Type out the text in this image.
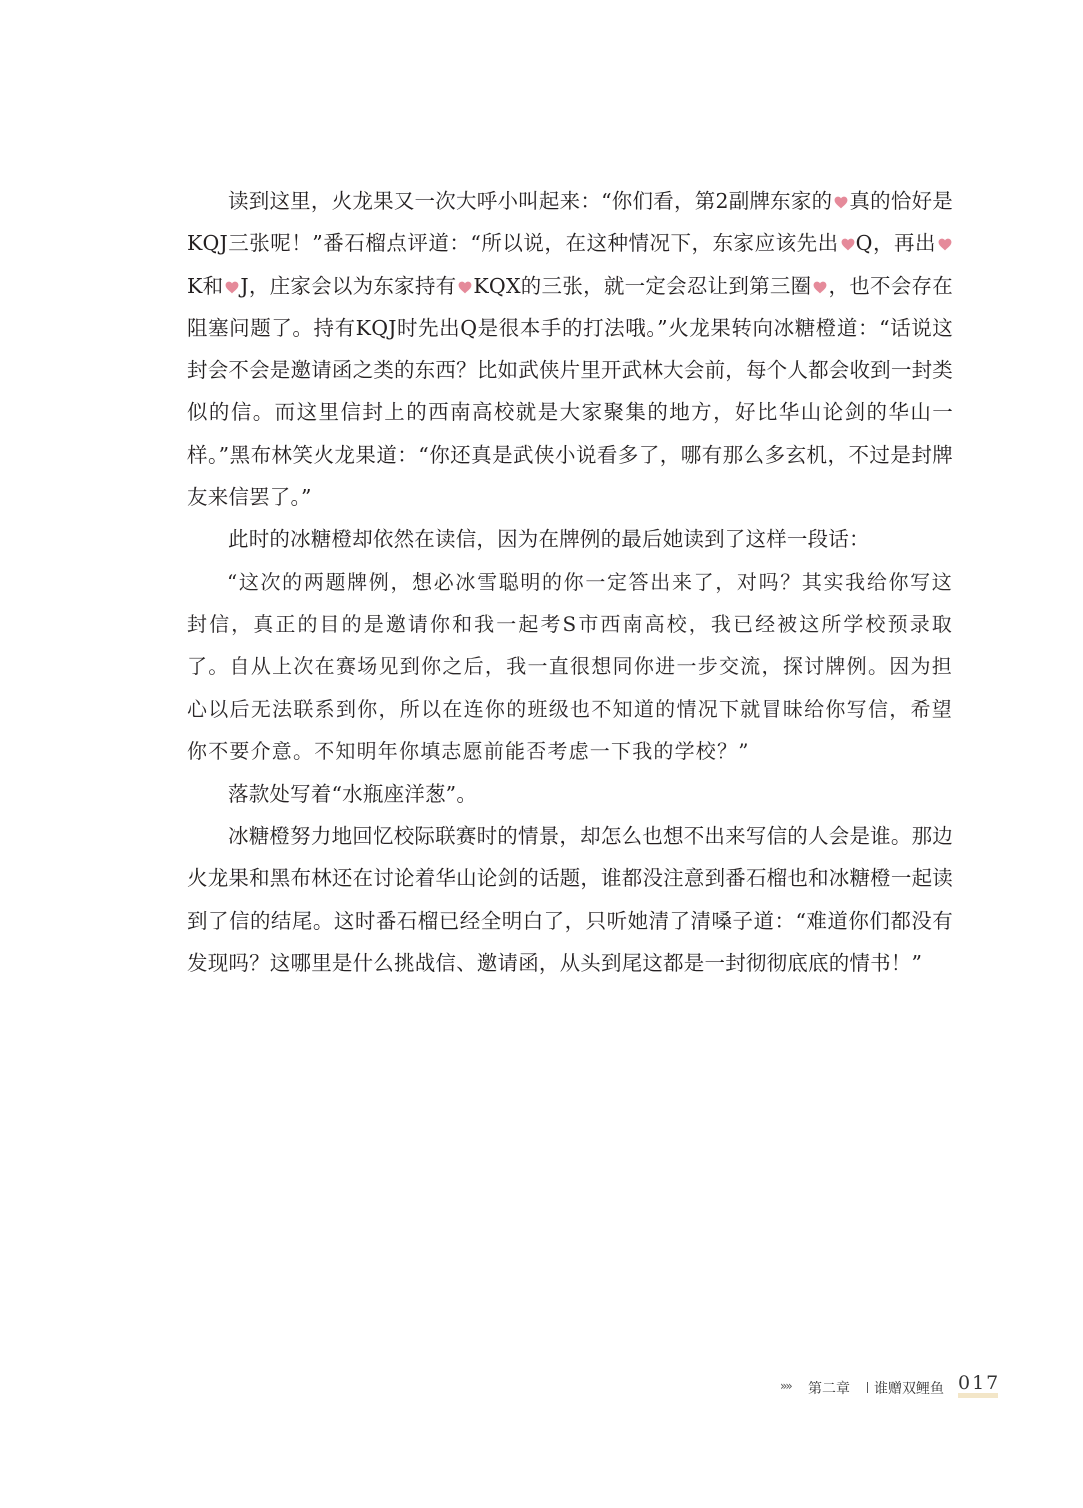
读到这里，火龙果又一次大呼小叫起来：“你们看，第2副牌东家的 真的恰好是KQJ三张呢！”番石榴点评道：“所以说，在这种情况下，东家应该先出 Q，再出K和 J，庄家会以为东家持有 KQX的三张，就一定会忍让到第三圈 ，也不会存在阻塞问题了。持有KQJ时先出Q是很本手的打法哦。”火龙果转向冰糖橙道：“话说这封会不会是邀请函之类的东西？比如武侠片里开武林大会前，每个人都会收到一封类似的信。而这里信封上的西南高校就是大家聚集的地方，好比华山论剑的华山一样。”黑布林笑火龙果道：“你还真是武侠小说看多了，哪有那么多玄机，不过是封牌友来信罢了。”

此时的冰糖橙却依然在读信，因为在牌例的最后她读到了这样一段话：

“这次的两题牌例，想必冰雪聪明的你一定答出来了，对吗？其实我给你写这封信，真正的目的是邀请你和我一起考S市西南高校，我已经被这所学校预录取了。自从上次在赛场见到你之后，我一直很想同你进一步交流，探讨牌例。因为担心以后无法联系到你，所以在连你的班级也不知道的情况下就冒昧给你写信，希望你不要介意。不知明年你填志愿前能否考虑一下我的学校？”

落款处写着“水瓶座洋葱”。

冰糖橙努力地回忆校际联赛时的情景，却怎么也想不出来写信的人会是谁。那边火龙果和黑布林还在讨论着华山论剑的话题，谁都没注意到番石榴也和冰糖橙一起读到了信的结尾。这时番石榴已经全明白了，只听她清了清嗓子道：“难道你们都没有发现吗？这哪里是什么挑战信、邀请函，从头到尾这都是一封彻彻底底的情书！”

»» 第二章 谁赠双鲤鱼 017
